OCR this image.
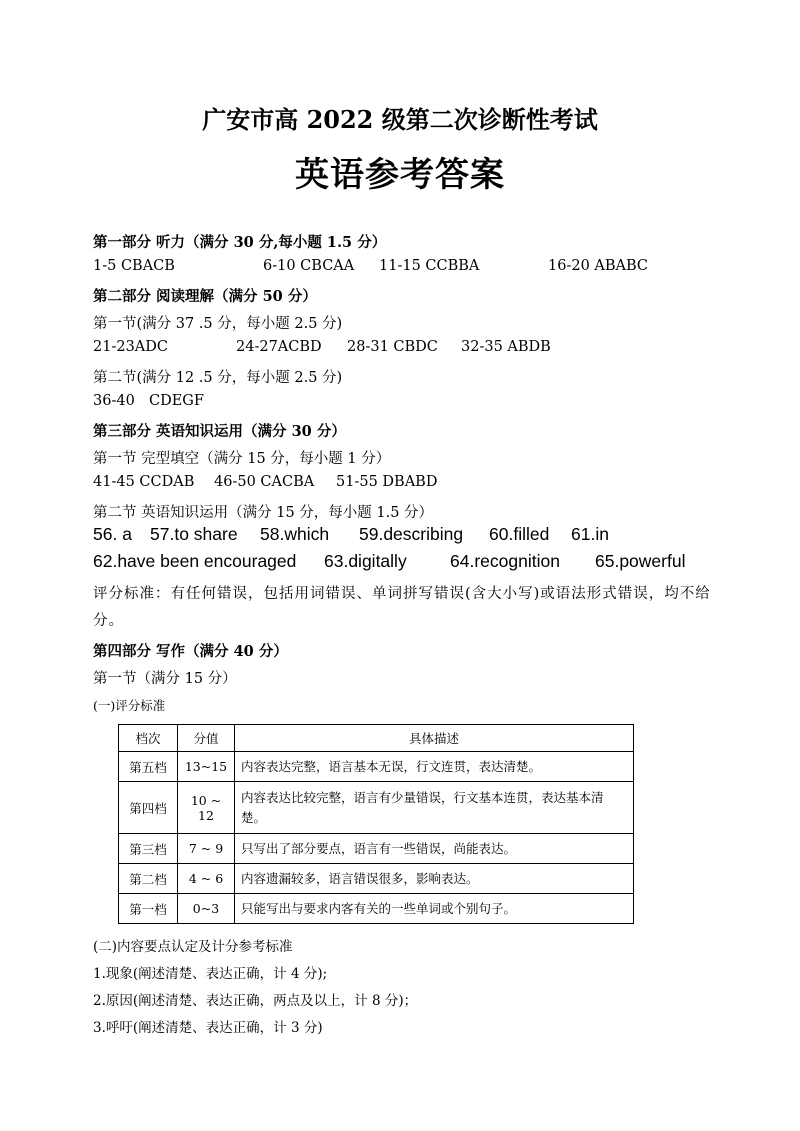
广安市高 2022 级第二次诊断性考试
英语参考答案
第一部分 听力（满分 30 分,每小题 1.5 分）
1-5 CBACB	6-10 CBCAA 11-15 CCBBA	16-20 ABABC
第二部分 阅读理解（满分 50 分）
第一节(满分 37 .5 分，每小题 2.5 分)
21-23ADC	24-27ACBD 28-31 CBDC 32-35 ABDB
第二节(满分 12 .5 分，每小题 2.5 分)
36-40 CDEGF
第三部分 英语知识运用（满分 30 分）
第一节 完型填空（满分 15 分，每小题 1 分）
41-45 CCDAB 46-50 CACBA 51-55 DBABD
第二节 英语知识运用（满分 15 分，每小题 1.5 分）
56. a 57.to share 58.which 59.describing 60.filled 61.in
62.have been encouraged 63.digitally 64.recognition 65.powerful
评分标准：有任何错误，包括用词错误、单词拼写错误(含大小写)或语法形式错误，均不给分。
第四部分 写作（满分 40 分）
第一节（满分 15 分）
(一)评分标准
档次	分值	具体描述
第五档	13~15	内容表达完整，语言基本无误，行文连贯，表达清楚。
第四档	10 ~ 12	内容表达比较完整，语言有少量错误，行文基本连贯，表达基本清楚。
第三档	7 ~ 9	只写出了部分要点，语言有一些错误，尚能表达。
第二档	4 ~ 6	内容遗漏较多，语言错误很多，影响表达。
第一档	0~3	只能写出与要求内客有关的一些单词或个别句子。
(二)内容要点认定及计分参考标准
1.现象(阐述清楚、表达正确，计 4 分);
2.原因(阐述清楚、表达正确，两点及以上，计 8 分)；
3.呼吁(阐述清楚、表达正确，计 3 分)
